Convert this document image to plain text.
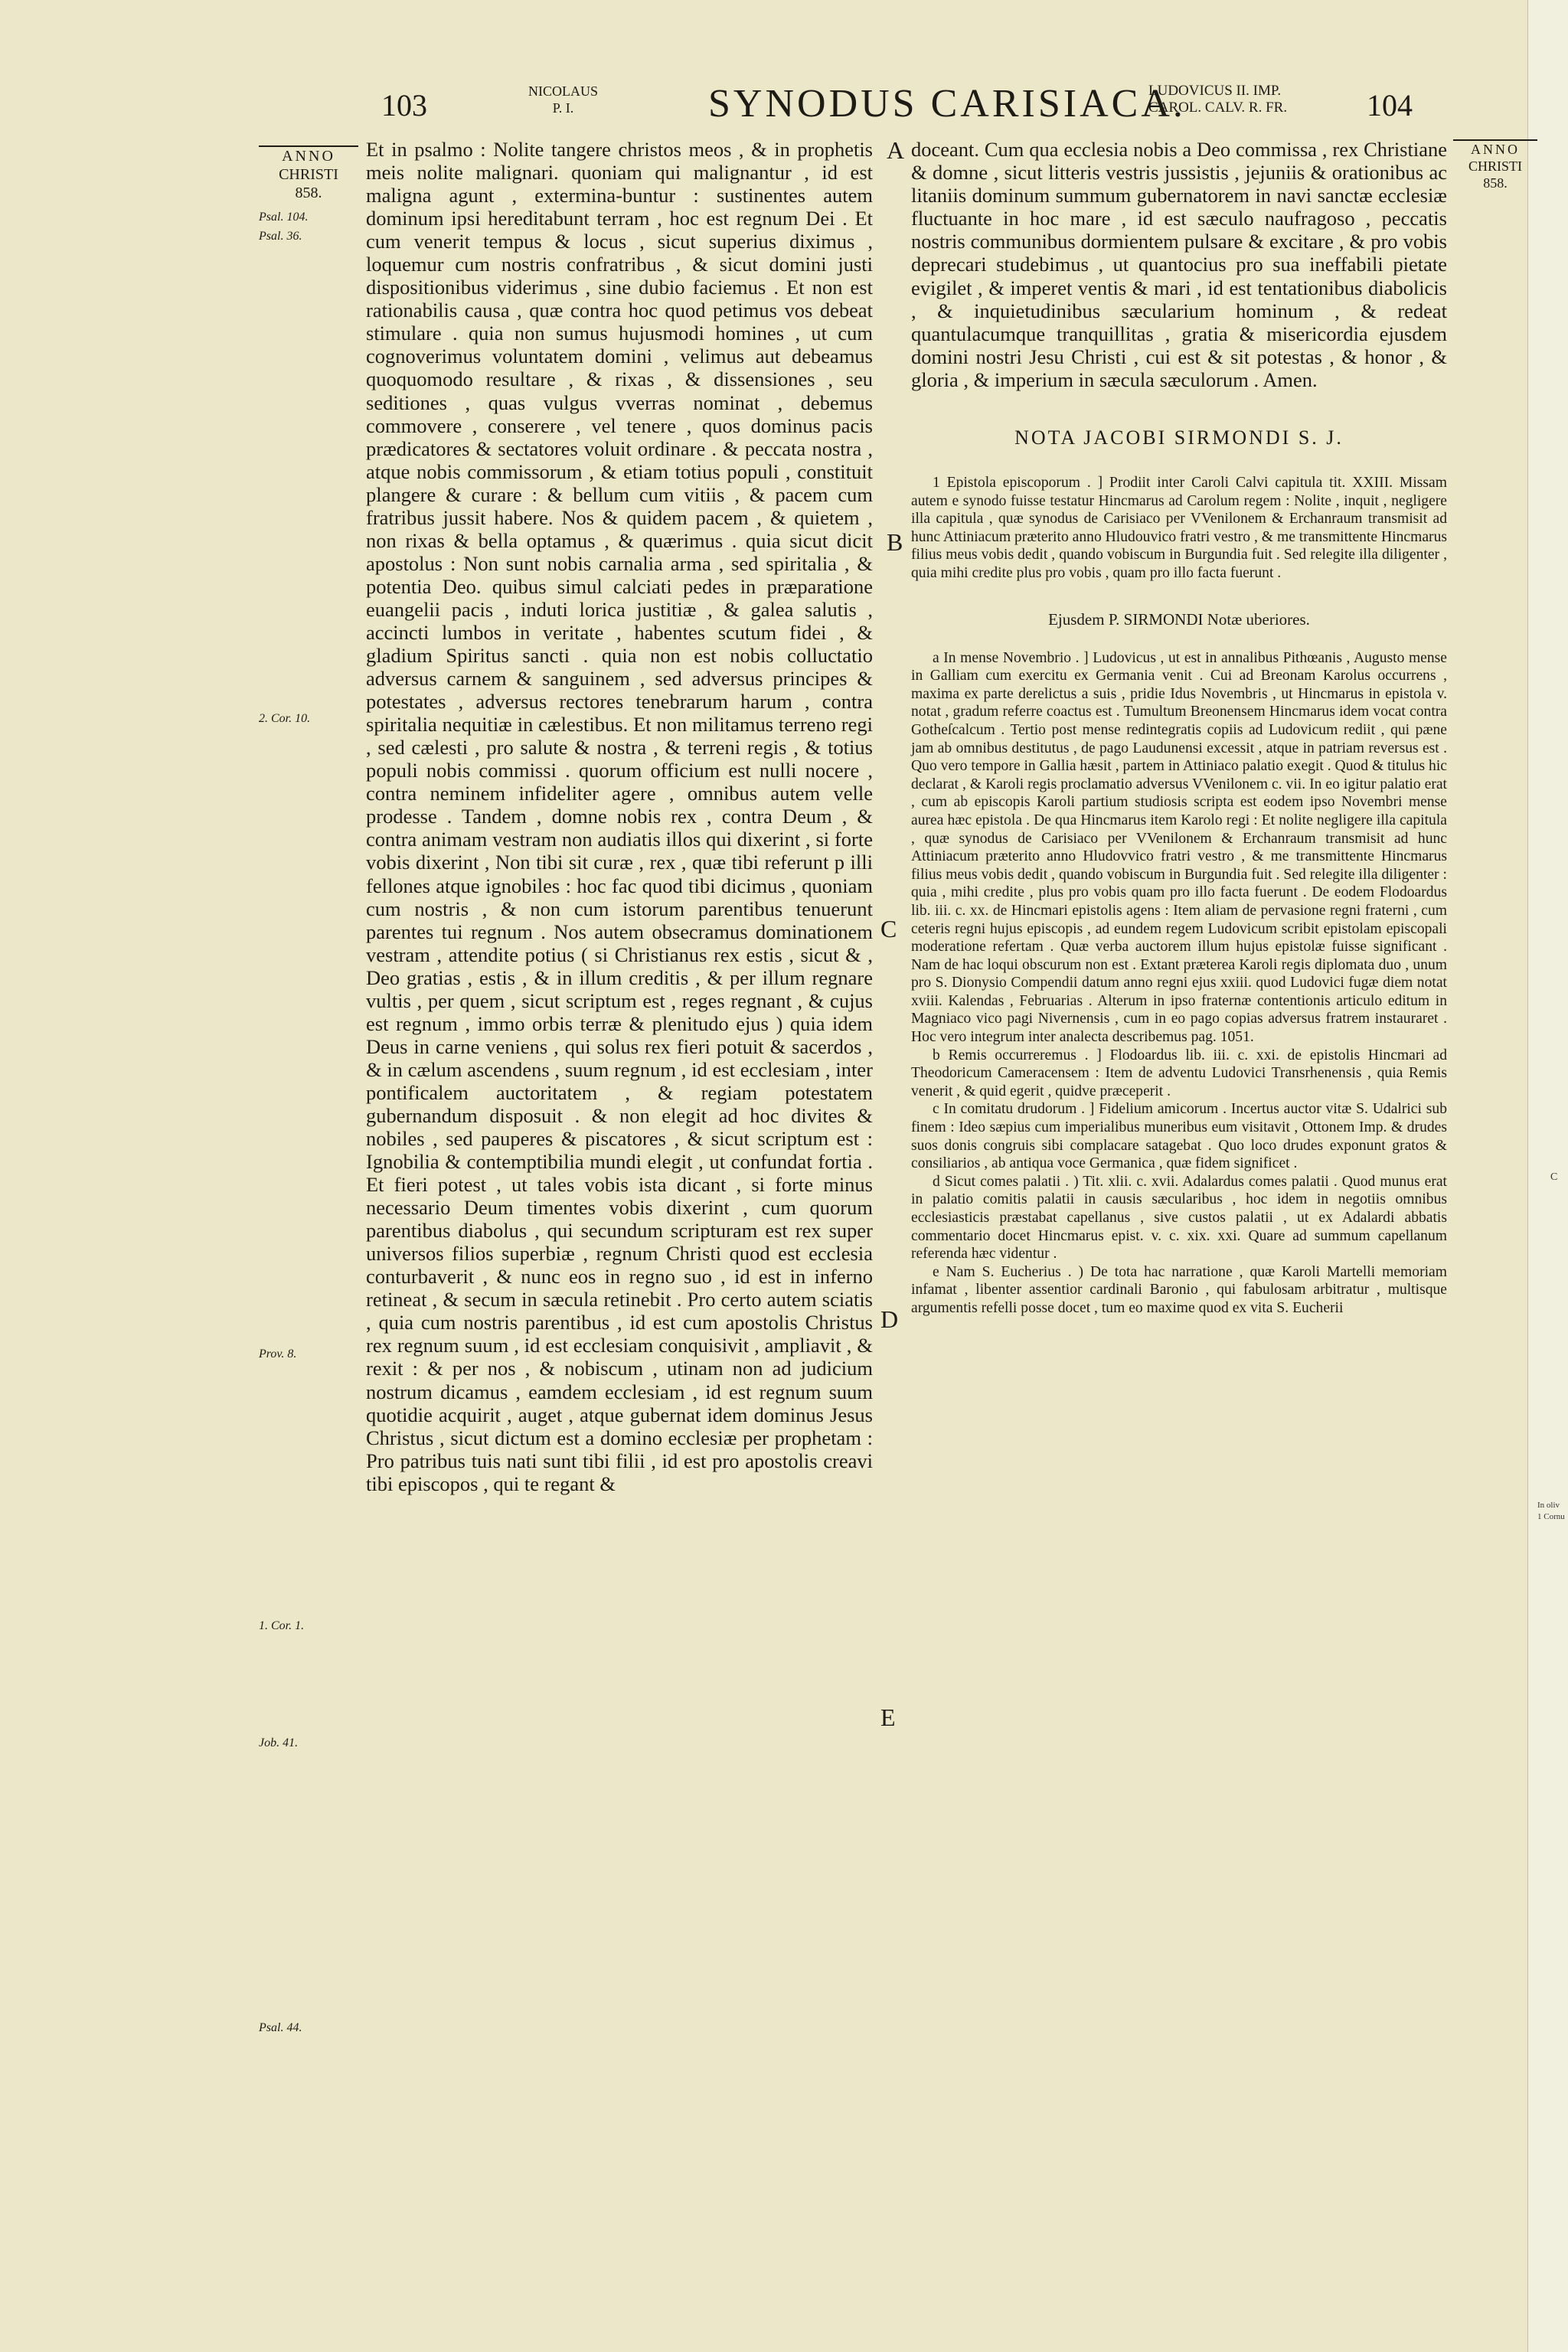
103	NICOLAUS
P. I.	SYNODUS CARISIACA.
LUDOVICUS II. IMP.
CAROL. CALV. R. FR.	104
ANNO
CHRISTI
858.
ANNO
CHRISTI
858.
Psal. 104.
Psal. 36.
2. Cor. 10.
Prov. 8.
1. Cor. 1.
Job. 41.
Psal. 44.
A
B
C
D
E

Et in psalmo : Nolite tangere christos meos , & in prophetis meis nolite malignari. quoniam qui malignantur , id est maligna agunt , extermina-buntur : sustinentes autem dominum ipsi hereditabunt terram , hoc est regnum Dei . Et cum venerit tempus & locus , sicut superius diximus , loquemur cum nostris confratribus , & sicut domini justi dispositionibus viderimus , sine dubio faciemus . Et non est rationabilis causa , quæ contra hoc quod petimus vos debeat stimulare . quia non sumus hujusmodi homines , ut cum cognoverimus voluntatem domini , velimus aut debeamus quoquomodo resultare , & rixas , & dissensiones , seu seditiones , quas vulgus vverras nominat , debemus commovere , conserere , vel tenere , quos dominus pacis prædicatores & sectatores voluit ordinare . & peccata nostra , atque nobis commissorum , & etiam totius populi , constituit plangere & curare : & bellum cum vitiis , & pacem cum fratribus jussit habere. Nos & quidem pacem , & quietem , non rixas & bella optamus , & quærimus . quia sicut dicit apostolus : Non sunt nobis carnalia arma , sed spiritalia , & potentia Deo. quibus simul calciati pedes in præparatione euangelii pacis , induti lorica justitiæ , & galea salutis , accincti lumbos in veritate , habentes scutum fidei , & gladium Spiritus sancti . quia non est nobis colluctatio adversus carnem & sanguinem , sed adversus principes & potestates , adversus rectores tenebrarum harum , contra spiritalia nequitiæ in cælestibus. Et non militamus terreno regi , sed cælesti , pro salute & nostra , & terreni regis , & totius populi nobis commissi . quorum officium est nulli nocere , contra neminem infideliter agere , omnibus autem velle prodesse . Tandem , domne nobis rex , contra Deum , & contra animam vestram non audiatis illos qui dixerint , si forte vobis dixerint , Non tibi sit curæ , rex , quæ tibi referunt p illi fellones atque ignobiles : hoc fac quod tibi dicimus , quoniam cum nostris , & non cum istorum parentibus tenuerunt parentes tui regnum . Nos autem obsecramus dominationem vestram , attendite potius ( si Christianus rex estis , sicut & , Deo gratias , estis , & in illum creditis , & per illum regnare vultis , per quem , sicut scriptum est , reges regnant , & cujus est regnum , immo orbis terræ & plenitudo ejus ) quia idem Deus in carne veniens , qui solus rex fieri potuit & sacerdos , & in cælum ascendens , suum regnum , id est ecclesiam , inter pontificalem auctoritatem , & regiam potestatem gubernandum disposuit . & non elegit ad hoc divites & nobiles , sed pauperes & piscatores , & sicut scriptum est : Ignobilia & contemptibilia mundi elegit , ut confundat fortia . Et fieri potest , ut tales vobis ista dicant , si forte minus necessario Deum timentes vobis dixerint , cum quorum parentibus diabolus , qui secundum scripturam est rex super universos filios superbiæ , regnum Christi quod est ecclesia conturbaverit , & nunc eos in regno suo , id est in inferno retineat , & secum in sæcula retinebit . Pro certo autem sciatis , quia cum nostris parentibus , id est cum apostolis Christus rex regnum suum , id est ecclesiam conquisivit , ampliavit , & rexit : & per nos , & nobiscum , utinam non ad judicium nostrum dicamus , eamdem ecclesiam , id est regnum suum quotidie acquirit , auget , atque gubernat idem dominus Jesus Christus , sicut dictum est a domino ecclesiæ per prophetam : Pro patribus tuis nati sunt tibi filii , id est pro apostolis creavi tibi episcopos , qui te regant &

doceant. Cum qua ecclesia nobis a Deo commissa , rex Christiane & domne , sicut litteris vestris jussistis , jejuniis & orationibus ac litaniis dominum summum gubernatorem in navi sanctæ ecclesiæ fluctuante in hoc mare , id est sæculo naufragoso , peccatis nostris communibus dormientem pulsare & excitare , & pro vobis deprecari studebimus , ut quantocius pro sua ineffabili pietate evigilet , & imperet ventis & mari , id est tentationibus diabolicis , & inquietudinibus sæcularium hominum , & redeat quantulacumque tranquillitas , gratia & misericordia ejusdem domini nostri Jesu Christi , cui est & sit potestas , & honor , & gloria , & imperium in sæcula sæculorum . Amen.

NOTA JACOBI SIRMONDI S. J.

1 Epistola episcoporum . ] Prodiit inter Caroli Calvi capitula tit. XXIII. Missam autem e synodo fuisse testatur Hincmarus ad Carolum regem : Nolite , inquit , negligere illa capitula , quæ synodus de Carisiaco per VVenilonem & Erchanraum transmisit ad hunc Attiniacum præterito anno Hludouvico fratri vestro , & me transmittente Hincmarus filius meus vobis dedit , quando vobiscum in Burgundia fuit . Sed relegite illa diligenter , quia mihi credite plus pro vobis , quam pro illo facta fuerunt .

Ejusdem P. SIRMONDI Notæ uberiores.

a In mense Novembrio . ] Ludovicus , ut est in annalibus Pithœanis , Augusto mense in Galliam cum exercitu ex Germania venit . Cui ad Breonam Karolus occurrens , maxima ex parte derelictus a suis , pridie Idus Novembris , ut Hincmarus in epistola v. notat , gradum referre coactus est . Tumultum Breonensem Hincmarus idem vocat contra Gotheſcalcum . Tertio post mense redintegratis copiis ad Ludovicum rediit , qui pæne jam ab omnibus destitutus , de pago Laudunensi excessit , atque in patriam reversus est . Quo vero tempore in Gallia hæsit , partem in Attiniaco palatio exegit . Quod & titulus hic declarat , & Karoli regis proclamatio adversus VVenilonem c. vii. In eo igitur palatio erat , cum ab episcopis Karoli partium studiosis scripta est eodem ipso Novembri mense aurea hæc epistola . De qua Hincmarus item Karolo regi : Et nolite negligere illa capitula , quæ synodus de Carisiaco per VVenilonem & Erchanraum transmisit ad hunc Attiniacum præterito anno Hludovvico fratri vestro , & me transmittente Hincmarus filius meus vobis dedit , quando vobiscum in Burgundia fuit . Sed relegite illa diligenter : quia , mihi credite , plus pro vobis quam pro illo facta fuerunt . De eodem Flodoardus lib. iii. c. xx. de Hincmari epistolis agens : Item aliam de pervasione regni fraterni , cum ceteris regni hujus episcopis , ad eundem regem Ludovicum scribit epistolam episcopali moderatione refertam . Quæ verba auctorem illum hujus epistolæ fuisse significant . Nam de hac loqui obscurum non est . Extant præterea Karoli regis diplomata duo , unum pro S. Dionysio Compendii datum anno regni ejus xxiii. quod Ludovici fugæ diem notat xviii. Kalendas , Februarias . Alterum in ipso fraternæ contentionis articulo editum in Magniaco vico pagi Nivernensis , cum in eo pago copias adversus fratrem instauraret . Hoc vero integrum inter analecta describemus pag. 1051.

b Remis occurreremus . ] Flodoardus lib. iii. c. xxi. de epistolis Hincmari ad Theodoricum Cameracensem : Item de adventu Ludovici Transrhenensis , quia Remis venerit , & quid egerit , quidve præceperit .

c In comitatu drudorum . ] Fidelium amicorum . Incertus auctor vitæ S. Udalrici sub finem : Ideo sæpius cum imperialibus muneribus eum visitavit , Ottonem Imp. & drudes suos donis congruis sibi complacare satagebat . Quo loco drudes exponunt gratos & consiliarios , ab antiqua voce Germanica , quæ fidem significet .

d Sicut comes palatii . ) Tit. xlii. c. xvii. Adalardus comes palatii . Quod munus erat in palatio comitis palatii in causis sæcularibus , hoc idem in negotiis omnibus ecclesiasticis præstabat capellanus , sive custos palatii , ut ex Adalardi abbatis commentario docet Hincmarus epist. v. c. xix. xxi. Quare ad summum capellanum referenda hæc videntur .

e Nam S. Eucherius . ) De tota hac narratione , quæ Karoli Martelli memoriam infamat , libenter assentior cardinali Baronio , qui fabulosam arbitratur , multisque argumentis refelli posse docet , tum eo maxime quod ex vita S. Eucherii

C
In oliv
1 Cornu
